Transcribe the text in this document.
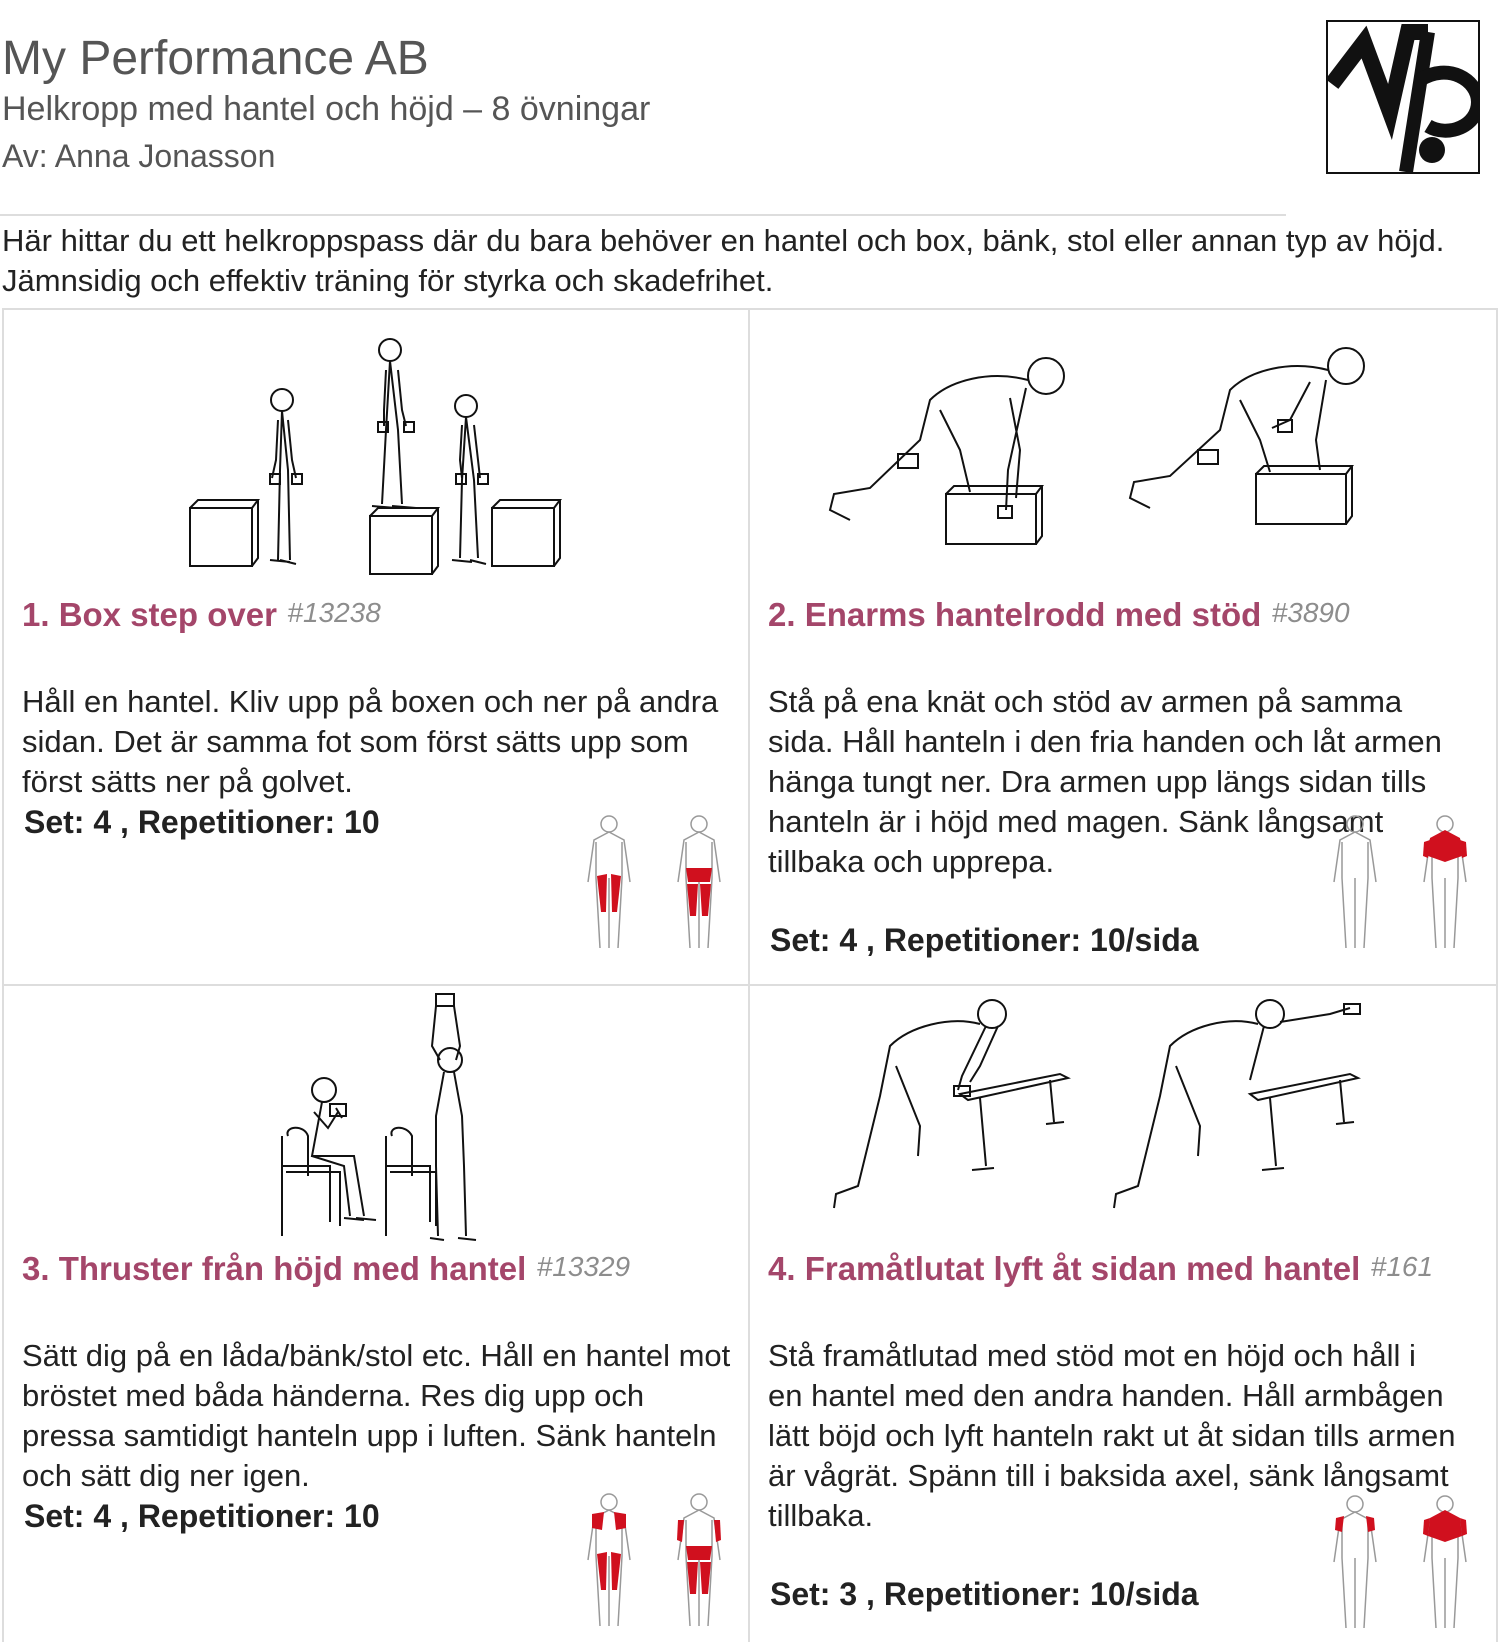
My Performance AB
Helkropp med hantel och höjd – 8 övningar
Av: Anna Jonasson
Här hittar du ett helkroppspass där du bara behöver en hantel och box, bänk, stol eller annan typ av höjd. Jämnsidig och effektiv träning för styrka och skadefrihet.
1. Box step over #13238
Håll en hantel. Kliv upp på boxen och ner på andra sidan. Det är samma fot som först sätts upp som först sätts ner på golvet.
Set: 4 , Repetitioner: 10
2. Enarms hantelrodd med stöd #3890
Stå på ena knät och stöd av armen på samma sida. Håll hanteln i den fria handen och låt armen hänga tungt ner. Dra armen upp längs sidan tills hanteln är i höjd med magen. Sänk långsamt tillbaka och upprepa.
Set: 4 , Repetitioner: 10/sida
3. Thruster från höjd med hantel #13329
Sätt dig på en låda/bänk/stol etc. Håll en hantel mot bröstet med båda händerna. Res dig upp och pressa samtidigt hanteln upp i luften. Sänk hanteln och sätt dig ner igen.
Set: 4 , Repetitioner: 10
4. Framåtlutat lyft åt sidan med hantel #161
Stå framåtlutad med stöd mot en höjd och håll i en hantel med den andra handen. Håll armbågen lätt böjd och lyft hanteln rakt ut åt sidan tills armen är vågrät. Spänn till i baksida axel, sänk långsamt tillbaka.
Set: 3 , Repetitioner: 10/sida
